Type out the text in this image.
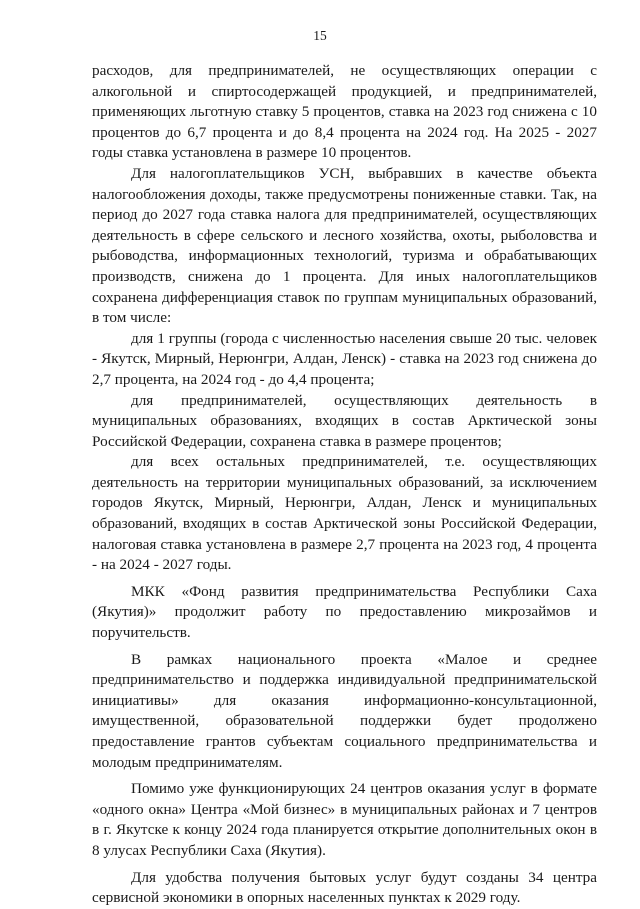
15

расходов, для предпринимателей, не осуществляющих операции с алкогольной и спиртосодержащей продукцией, и предпринимателей, применяющих льготную ставку 5 процентов, ставка на 2023 год снижена с 10 процентов до 6,7 процента и до 8,4 процента на 2024 год. На 2025 - 2027 годы ставка установлена в размере 10 процентов.

Для налогоплательщиков УСН, выбравших в качестве объекта налогообложения доходы, также предусмотрены пониженные ставки. Так, на период до 2027 года ставка налога для предпринимателей, осуществляющих деятельность в сфере сельского и лесного хозяйства, охоты, рыболовства и рыбоводства, информационных технологий, туризма и обрабатывающих производств, снижена до 1 процента. Для иных налогоплательщиков сохранена дифференциация ставок по группам муниципальных образований, в том числе:

для 1 группы (города с численностью населения свыше 20 тыс. человек - Якутск, Мирный, Нерюнгри, Алдан, Ленск) - ставка на 2023 год снижена до 2,7 процента, на 2024 год - до 4,4 процента;

для предпринимателей, осуществляющих деятельность в муниципальных образованиях, входящих в состав Арктической зоны Российской Федерации, сохранена ставка в размере процентов;

для всех остальных предпринимателей, т.е. осуществляющих деятельность на территории муниципальных образований, за исключением городов Якутск, Мирный, Нерюнгри, Алдан, Ленск и муниципальных образований, входящих в состав Арктической зоны Российской Федерации, налоговая ставка установлена в размере 2,7 процента на 2023 год, 4 процента - на 2024 - 2027 годы.

МКК «Фонд развития предпринимательства Республики Саха (Якутия)» продолжит работу по предоставлению микрозаймов и поручительств.

В рамках национального проекта «Малое и среднее предпринимательство и поддержка индивидуальной предпринимательской инициативы» для оказания информационно-консультационной, имущественной, образовательной поддержки будет продолжено предоставление грантов субъектам социального предпринимательства и молодым предпринимателям.

Помимо уже функционирующих 24 центров оказания услуг в формате «одного окна» Центра «Мой бизнес» в муниципальных районах и 7 центров в г. Якутске к концу 2024 года планируется открытие дополнительных окон в 8 улусах Республики Саха (Якутия).

Для удобства получения бытовых услуг будут созданы 34 центра сервисной экономики в опорных населенных пунктах к 2029 году.
